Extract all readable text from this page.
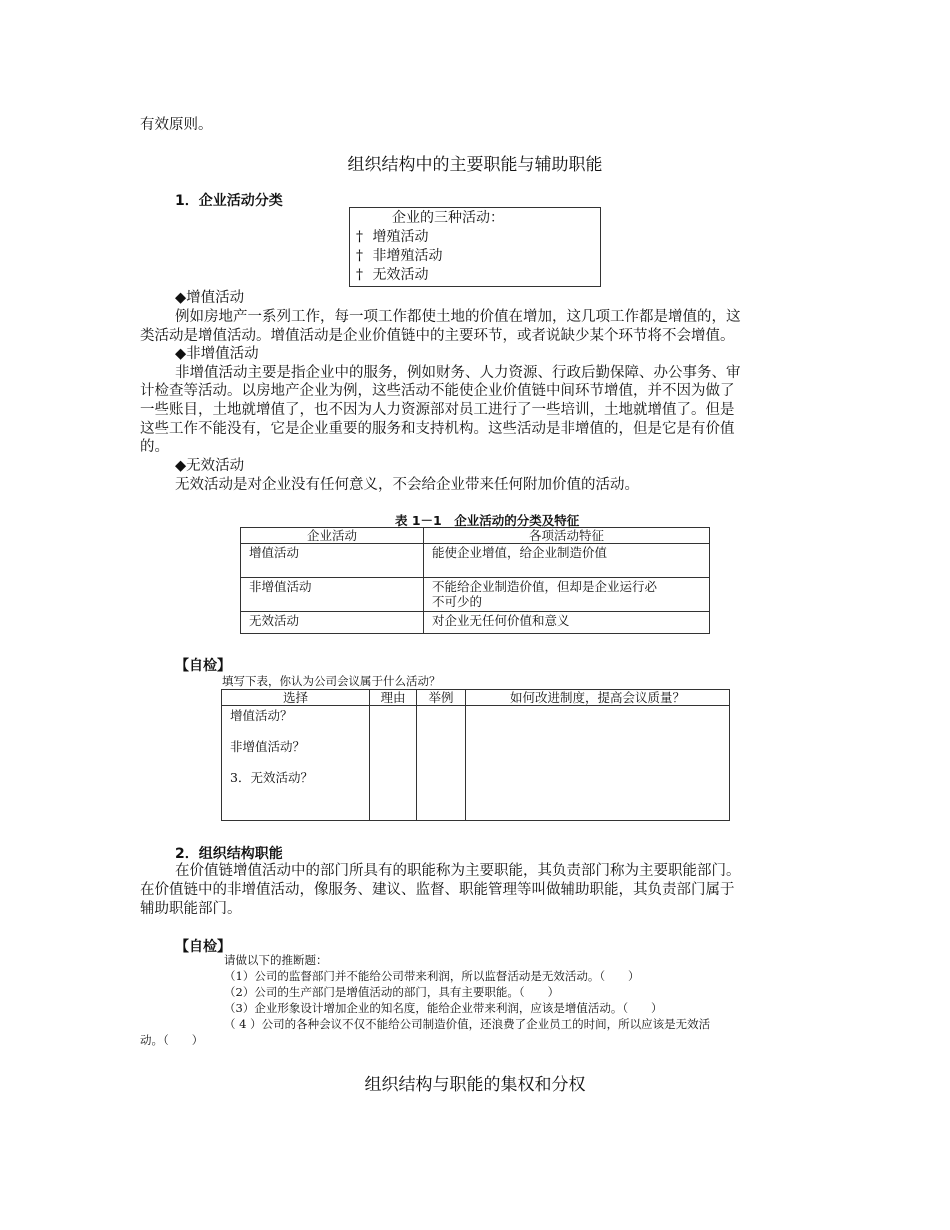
有效原则。
组织结构中的主要职能与辅助职能
1．企业活动分类
企业的三种活动：
† 增殖活动
† 非增殖活动
† 无效活动
◆增值活动
例如房地产一系列工作，每一项工作都使土地的价值在增加，这几项工作都是增值的，这
类活动是增值活动。增值活动是企业价值链中的主要环节，或者说缺少某个环节将不会增值。
◆非增值活动
非增值活动主要是指企业中的服务，例如财务、人力资源、行政后勤保障、办公事务、审
计检查等活动。以房地产企业为例，这些活动不能使企业价值链中间环节增值，并不因为做了
一些账目，土地就增值了，也不因为人力资源部对员工进行了一些培训，土地就增值了。但是
这些工作不能没有，它是企业重要的服务和支持机构。这些活动是非增值的，但是它是有价值
的。
◆无效活动
无效活动是对企业没有任何意义，不会给企业带来任何附加价值的活动。
表 1－1　企业活动的分类及特征
企业活动	各项活动特征
增值活动	能使企业增值，给企业制造价值
非增值活动	不能给企业制造价值，但却是企业运行必
不可少的

无效活动	对企业无任何价值和意义
【自检】
填写下表，你认为公司会议属于什么活动？
选择	理由	举例	如何改进制度，提高会议质量？

增值活动？
非增值活动？
3．无效活动？			

2．组织结构职能
在价值链增值活动中的部门所具有的职能称为主要职能，其负责部门称为主要职能部门。
在价值链中的非增值活动，像服务、建议、监督、职能管理等叫做辅助职能，其负责部门属于
辅助职能部门。
【自检】
请做以下的推断题：
（1）公司的监督部门并不能给公司带来利润，所以监督活动是无效活动。（　　）
（2）公司的生产部门是增值活动的部门，具有主要职能。（　　）
（3）企业形象设计增加企业的知名度，能给企业带来利润，应该是增值活动。（　　）
（ 4 ）公司的各种会议不仅不能给公司制造价值，还浪费了企业员工的时间，所以应该是无效活
动。（　　）
组织结构与职能的集权和分权
